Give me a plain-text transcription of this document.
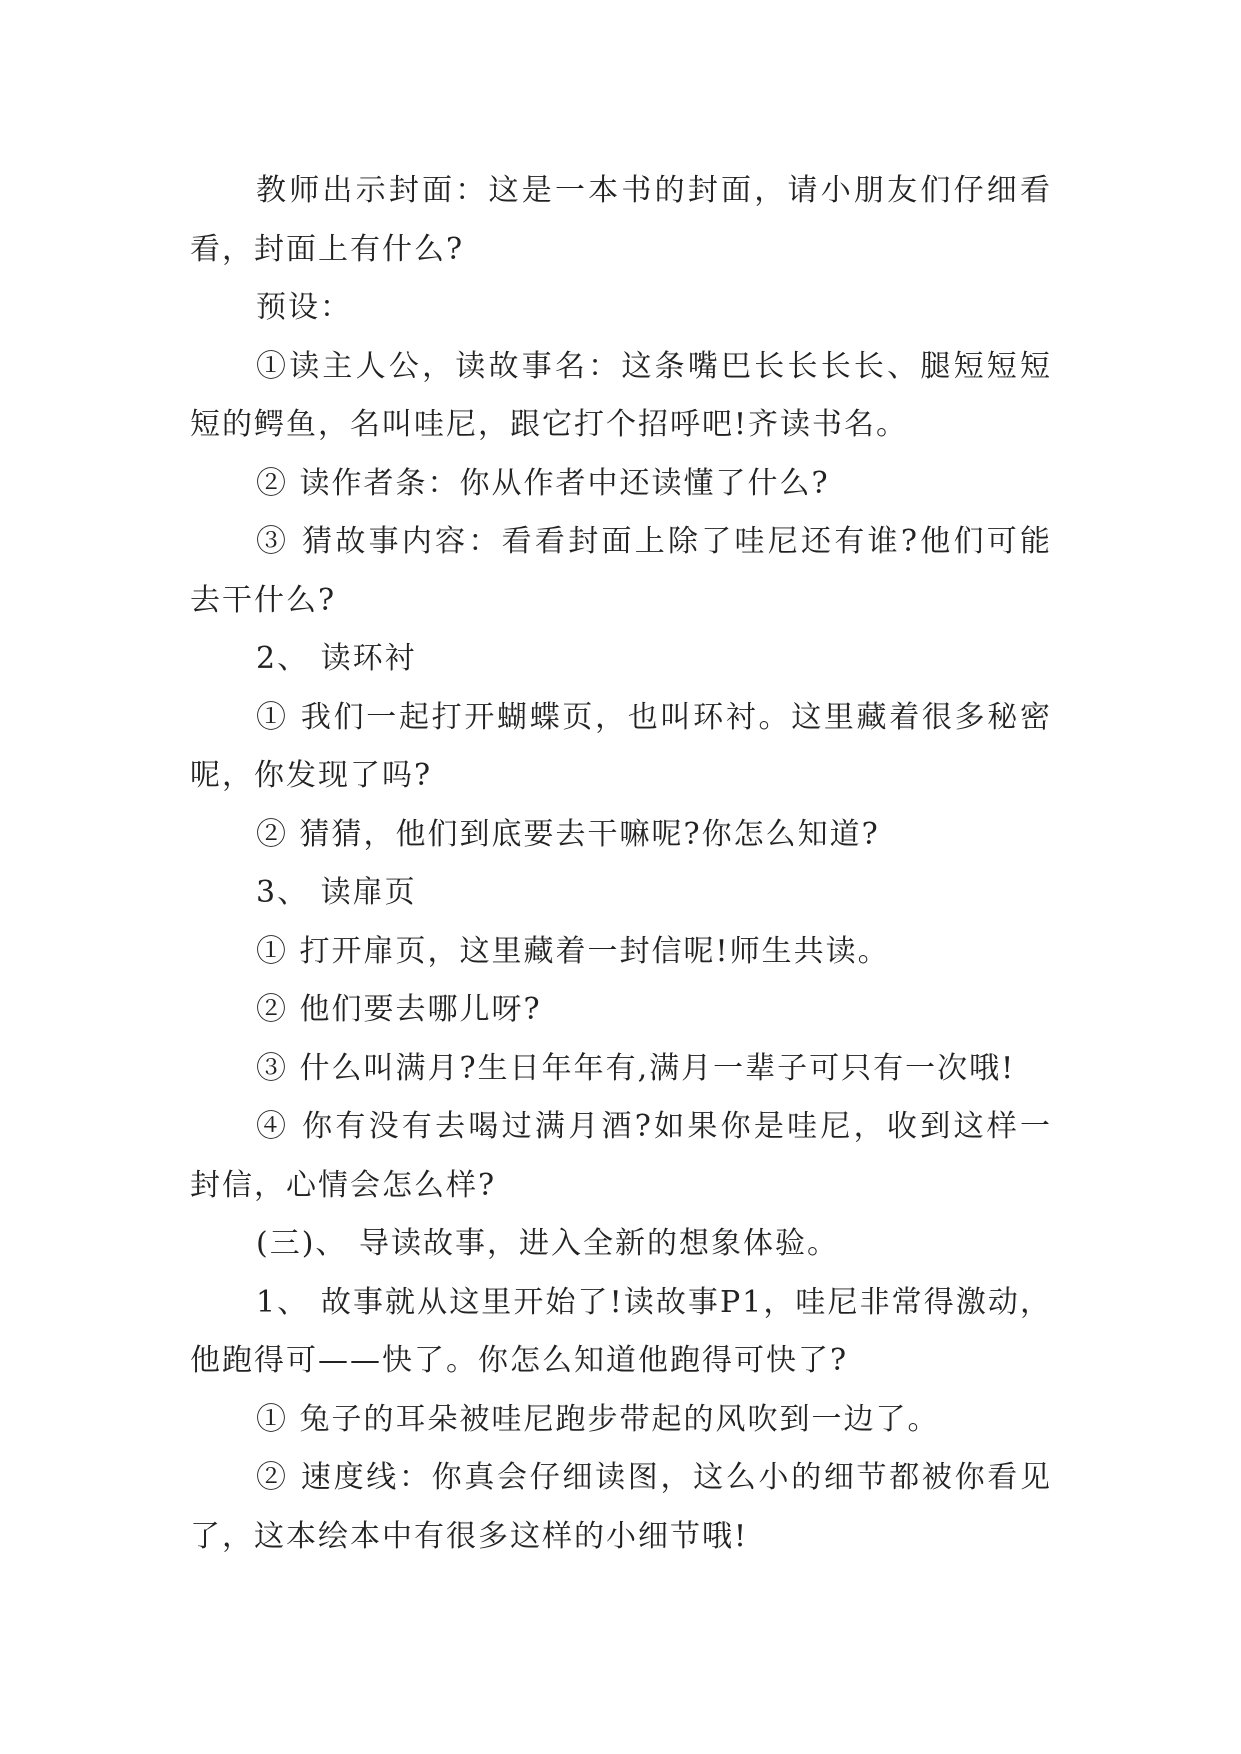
教师出示封面：这是一本书的封面，请小朋友们仔细看看，封面上有什么?

预设：

①读主人公，读故事名：这条嘴巴长长长长、腿短短短短的鳄鱼，名叫哇尼，跟它打个招呼吧!齐读书名。

② 读作者条：你从作者中还读懂了什么?

③ 猜故事内容：看看封面上除了哇尼还有谁?他们可能去干什么?

2、 读环衬

① 我们一起打开蝴蝶页，也叫环衬。这里藏着很多秘密呢，你发现了吗?

② 猜猜，他们到底要去干嘛呢?你怎么知道?

3、 读扉页

① 打开扉页，这里藏着一封信呢!师生共读。

② 他们要去哪儿呀?

③ 什么叫满月?生日年年有,满月一辈子可只有一次哦!

④ 你有没有去喝过满月酒?如果你是哇尼，收到这样一封信，心情会怎么样?

(三)、 导读故事，进入全新的想象体验。

1、 故事就从这里开始了!读故事P1，哇尼非常得激动，他跑得可——快了。你怎么知道他跑得可快了?

① 兔子的耳朵被哇尼跑步带起的风吹到一边了。

② 速度线：你真会仔细读图，这么小的细节都被你看见了，这本绘本中有很多这样的小细节哦!
